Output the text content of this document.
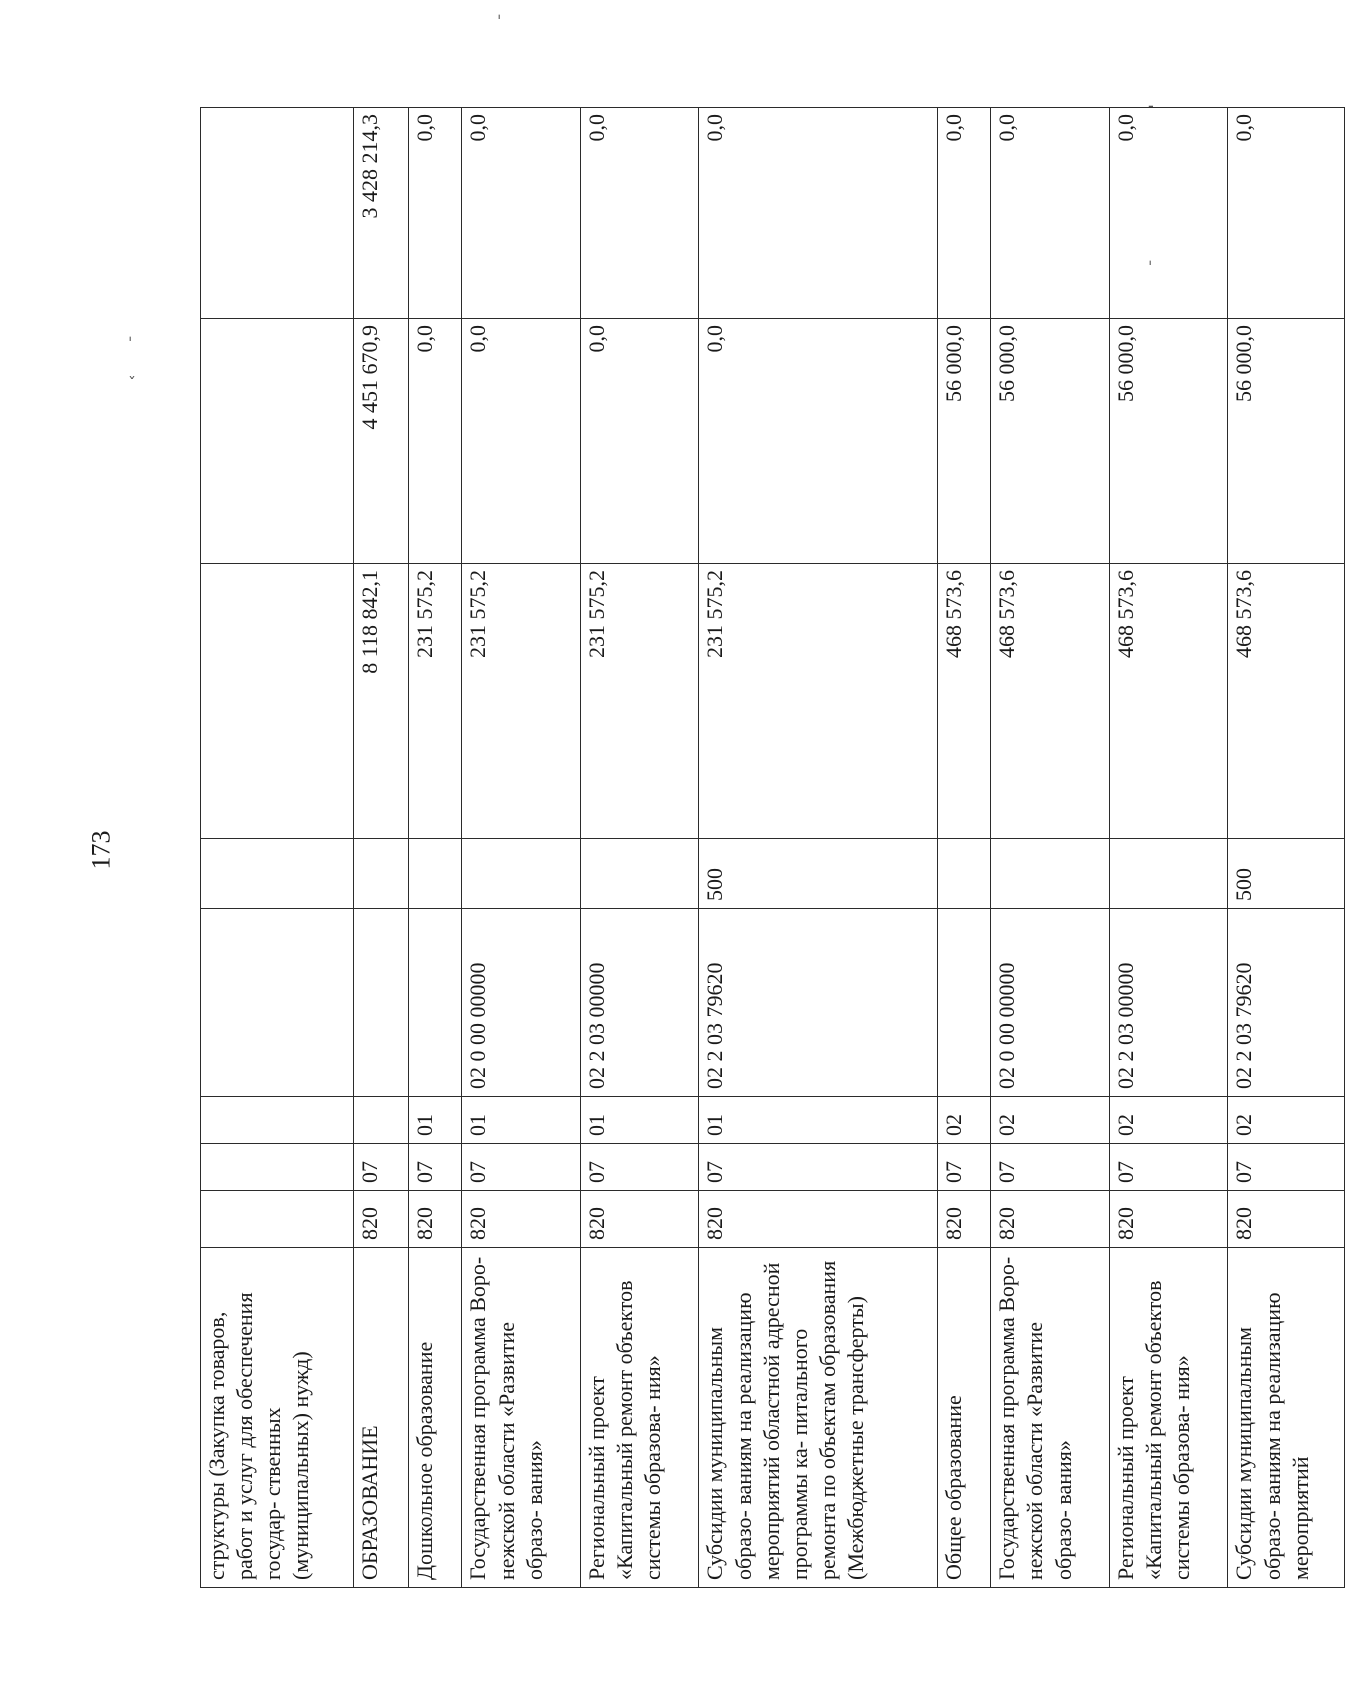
173
структуры (Закупка товаров, работ и услуг для обеспечения государ- ственных (муниципальных) нужд)								
ОБРАЗОВАНИЕ	820	07				8 118 842,1	4 451 670,9	3 428 214,3
Дошкольное образование	820	07	01			231 575,2	0,0	0,0
Государственная программа Воро- нежской области «Развитие образо- вания»	820	07	01	02 0 00 00000		231 575,2	0,0	0,0
Региональный проект «Капитальный ремонт объектов системы образова- ния»	820	07	01	02 2 03 00000		231 575,2	0,0	0,0
Субсидии муниципальным образо- ваниям на реализацию мероприятий областной адресной программы ка- питального ремонта по объектам образования (Межбюджетные трансферты)	820	07	01	02 2 03 79620	500	231 575,2	0,0	0,0
Общее образование	820	07	02			468 573,6	56 000,0	0,0
Государственная программа Воро- нежской области «Развитие образо- вания»	820	07	02	02 0 00 00000		468 573,6	56 000,0	0,0
Региональный проект «Капитальный ремонт объектов системы образова- ния»	820	07	02	02 2 03 00000		468 573,6	56 000,0	0,0
Субсидии муниципальным образо- ваниям на реализацию мероприятий	820	07	02	02 2 03 79620	500	468 573,6	56 000,0	0,0
ˈ
-
ˈ
ˈ
ˇ
